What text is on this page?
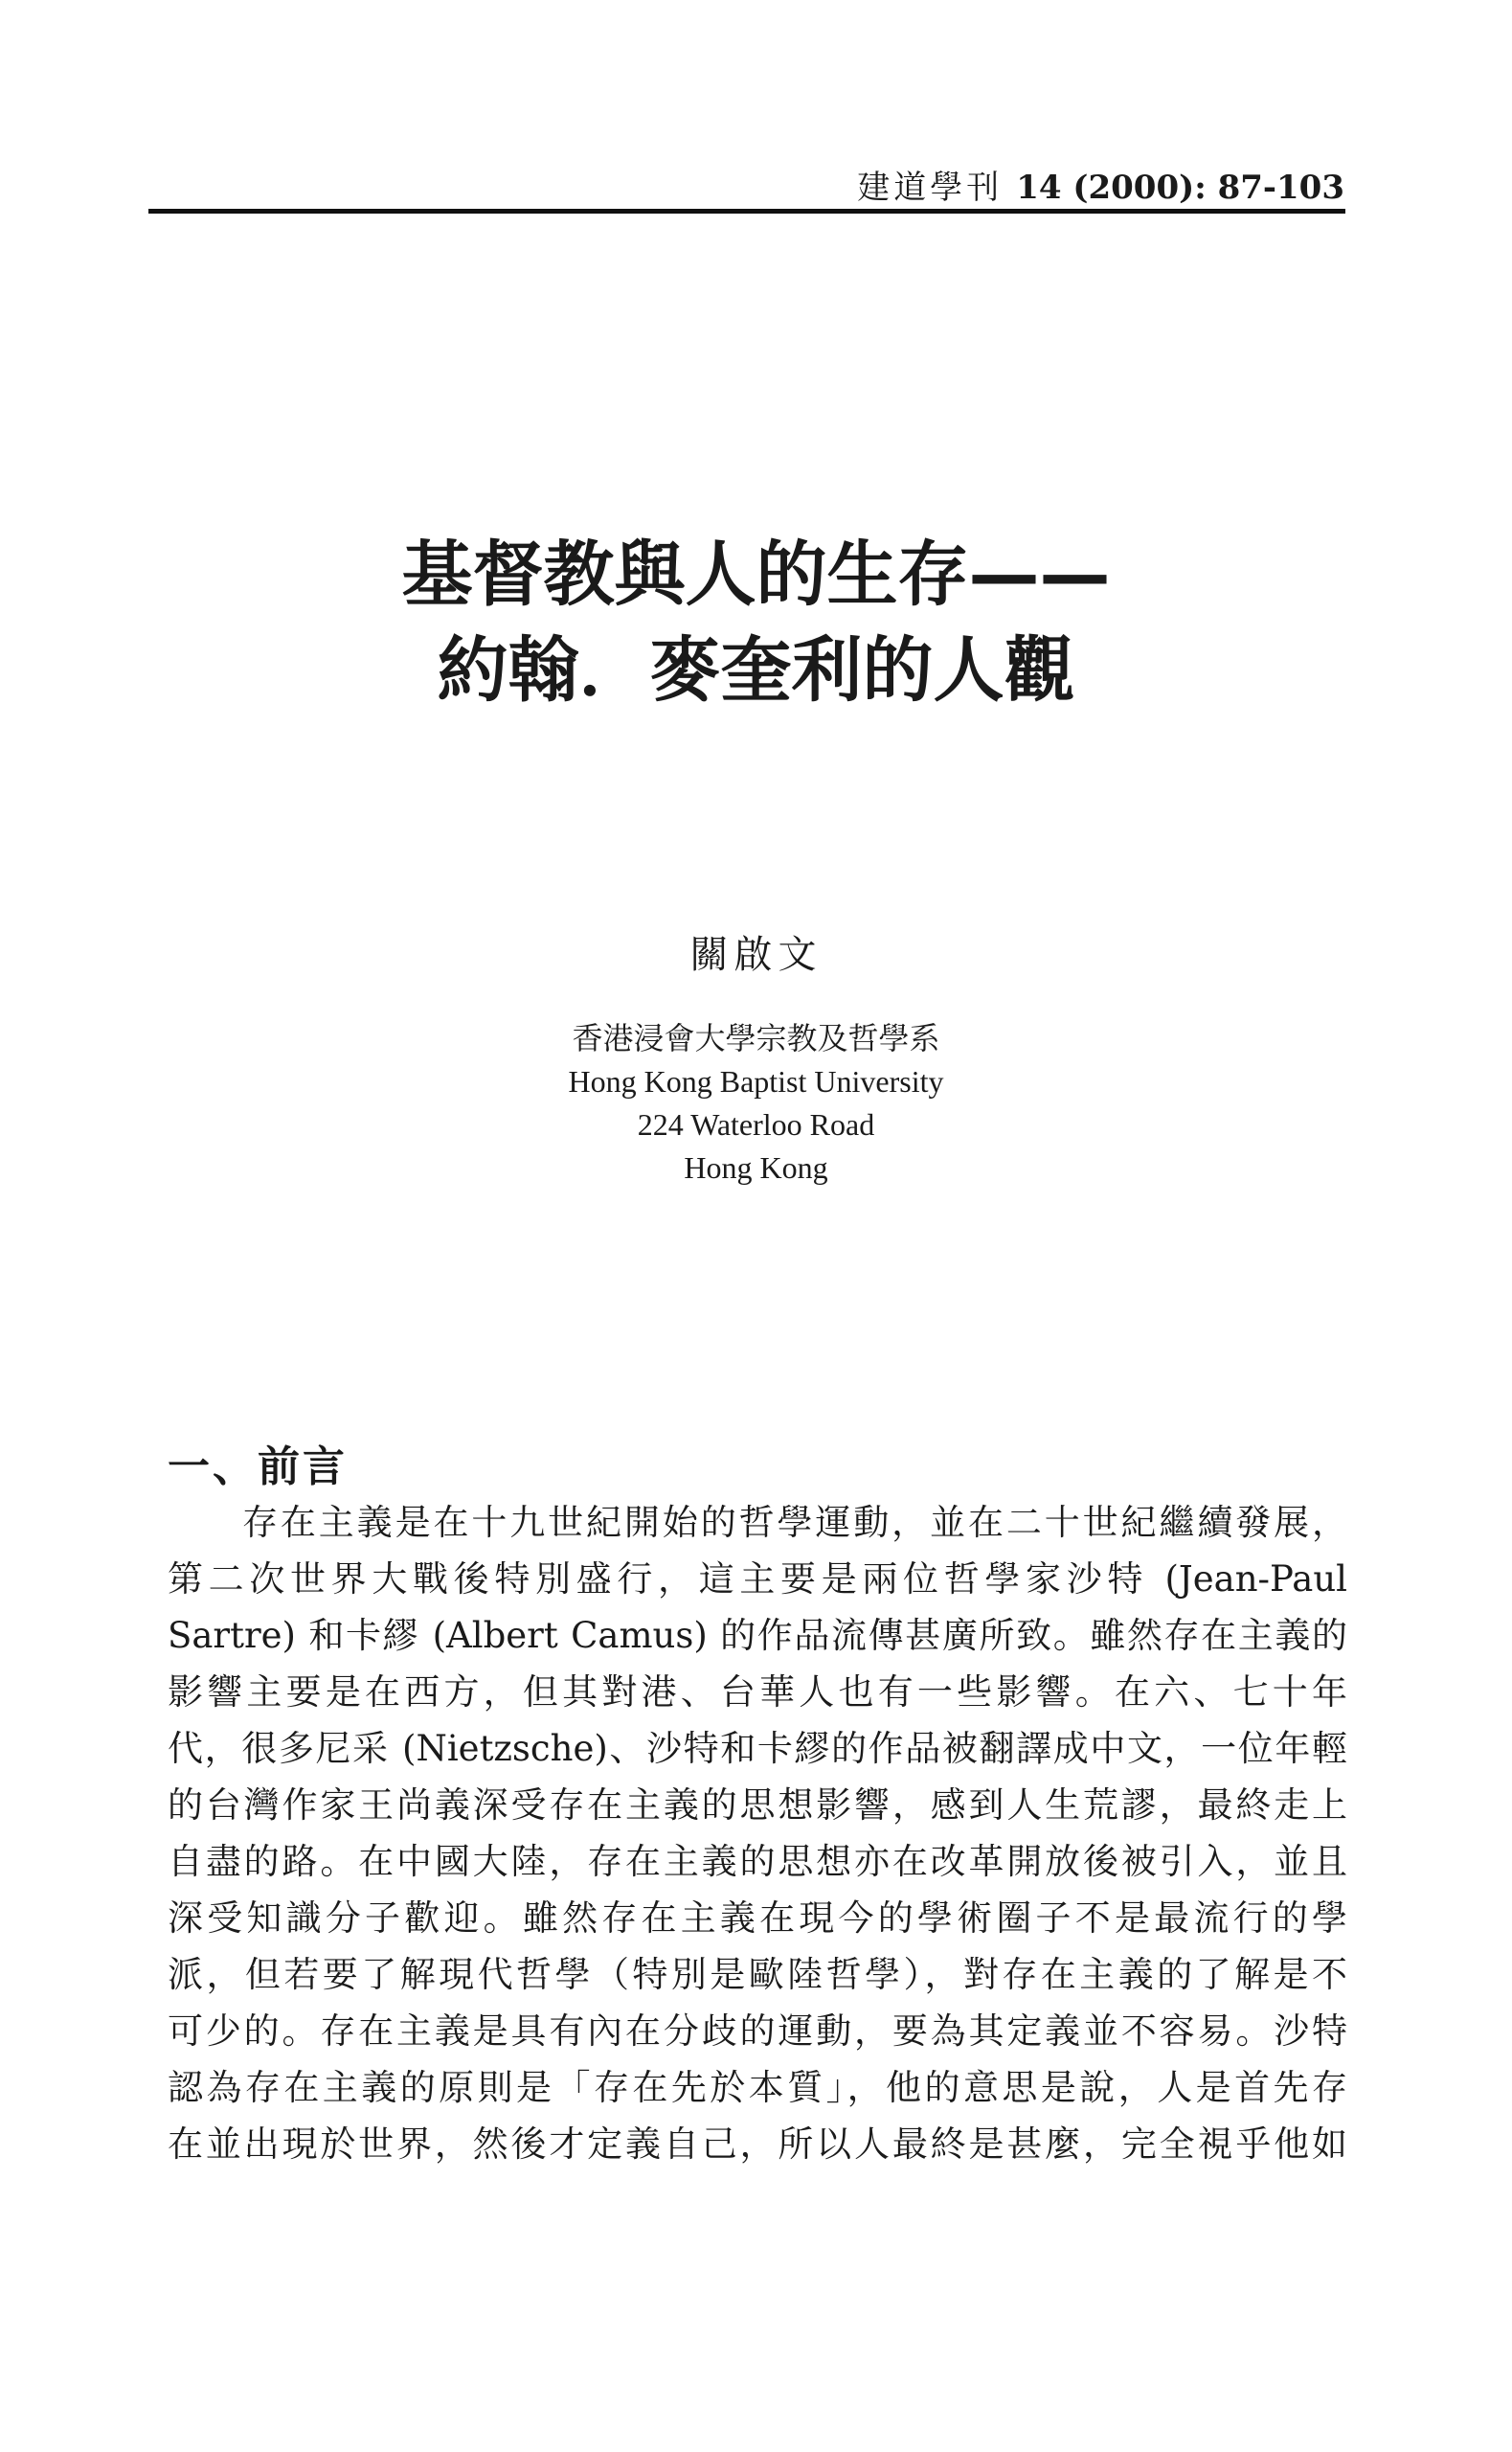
建道學刊 14 (2000): 87-103
基督教與人的生存——
約翰．麥奎利的人觀
關啟文
香港浸會大學宗教及哲學系
Hong Kong Baptist University
224 Waterloo Road
Hong Kong
一、前言
存在主義是在十九世紀開始的哲學運動，並在二十世紀繼續發展，
第二次世界大戰後特別盛行，這主要是兩位哲學家沙特 (Jean-Paul
Sartre) 和卡繆 (Albert Camus) 的作品流傳甚廣所致。雖然存在主義的
影響主要是在西方，但其對港、台華人也有一些影響。在六、七十年
代，很多尼采 (Nietzsche)、沙特和卡繆的作品被翻譯成中文，一位年輕
的台灣作家王尚義深受存在主義的思想影響，感到人生荒謬，最終走上
自盡的路。在中國大陸，存在主義的思想亦在改革開放後被引入，並且
深受知識分子歡迎。雖然存在主義在現今的學術圈子不是最流行的學
派，但若要了解現代哲學（特別是歐陸哲學），對存在主義的了解是不
可少的。存在主義是具有內在分歧的運動，要為其定義並不容易。沙特
認為存在主義的原則是「存在先於本質」，他的意思是說，人是首先存
在並出現於世界，然後才定義自己，所以人最終是甚麼，完全視乎他如
